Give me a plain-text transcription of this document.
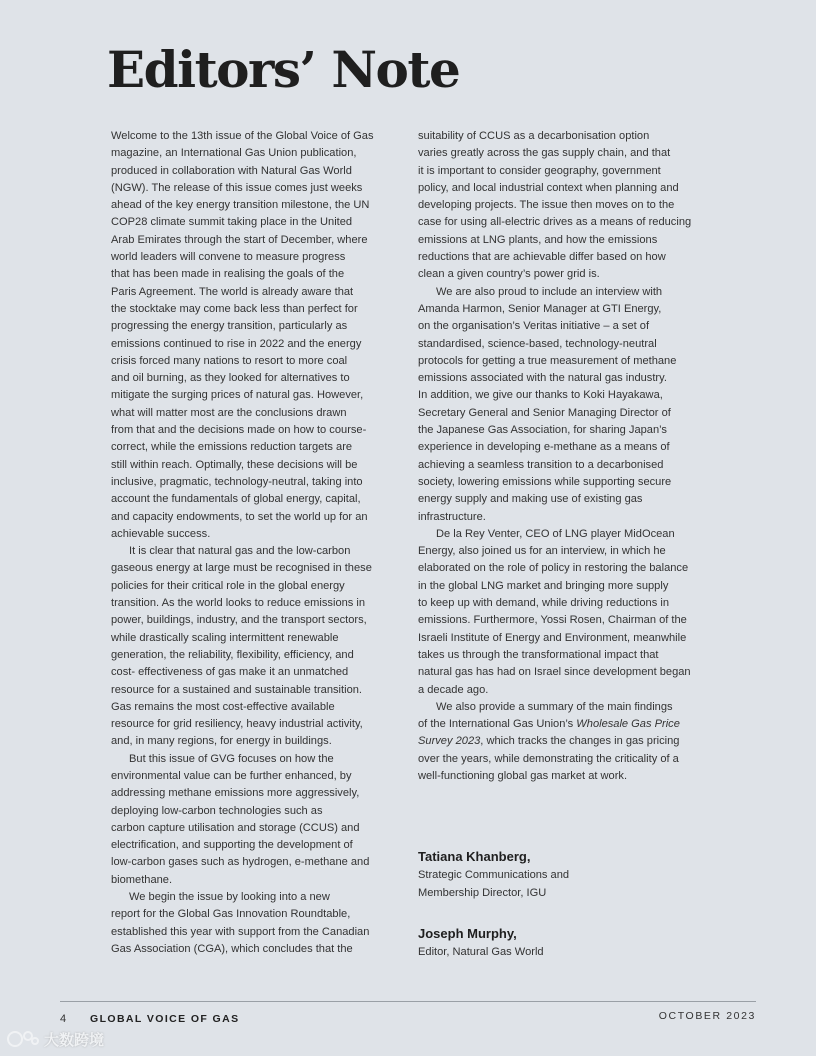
Editors’ Note
Welcome to the 13th issue of the Global Voice of Gas
magazine, an International Gas Union publication,
produced in collaboration with Natural Gas World
(NGW). The release of this issue comes just weeks
ahead of the key energy transition milestone, the UN
COP28 climate summit taking place in the United
Arab Emirates through the start of December, where
world leaders will convene to measure progress
that has been made in realising the goals of the
Paris Agreement. The world is already aware that
the stocktake may come back less than perfect for
progressing the energy transition, particularly as
emissions continued to rise in 2022 and the energy
crisis forced many nations to resort to more coal
and oil burning, as they looked for alternatives to
mitigate the surging prices of natural gas. However,
what will matter most are the conclusions drawn
from that and the decisions made on how to course-
correct, while the emissions reduction targets are
still within reach. Optimally, these decisions will be
inclusive, pragmatic, technology-neutral, taking into
account the fundamentals of global energy, capital,
and capacity endowments, to set the world up for an
achievable success.
It is clear that natural gas and the low-carbon
gaseous energy at large must be recognised in these
policies for their critical role in the global energy
transition. As the world looks to reduce emissions in
power, buildings, industry, and the transport sectors,
while drastically scaling intermittent renewable
generation, the reliability, flexibility, efficiency, and
cost- effectiveness of gas make it an unmatched
resource for a sustained and sustainable transition.
Gas remains the most cost-effective available
resource for grid resiliency, heavy industrial activity,
and, in many regions, for energy in buildings.
But this issue of GVG focuses on how the
environmental value can be further enhanced, by
addressing methane emissions more aggressively,
deploying low-carbon technologies such as
carbon capture utilisation and storage (CCUS) and
electrification, and supporting the development of
low-carbon gases such as hydrogen, e-methane and
biomethane.
We begin the issue by looking into a new
report for the Global Gas Innovation Roundtable,
established this year with support from the Canadian
Gas Association (CGA), which concludes that the
suitability of CCUS as a decarbonisation option
varies greatly across the gas supply chain, and that
it is important to consider geography, government
policy, and local industrial context when planning and
developing projects. The issue then moves on to the
case for using all-electric drives as a means of reducing
emissions at LNG plants, and how the emissions
reductions that are achievable differ based on how
clean a given country’s power grid is.
We are also proud to include an interview with
Amanda Harmon, Senior Manager at GTI Energy,
on the organisation’s Veritas initiative – a set of
standardised, science-based, technology-neutral
protocols for getting a true measurement of methane
emissions associated with the natural gas industry.
In addition, we give our thanks to Koki Hayakawa,
Secretary General and Senior Managing Director of
the Japanese Gas Association, for sharing Japan’s
experience in developing e-methane as a means of
achieving a seamless transition to a decarbonised
society, lowering emissions while supporting secure
energy supply and making use of existing gas
infrastructure.
De la Rey Venter, CEO of LNG player MidOcean
Energy, also joined us for an interview, in which he
elaborated on the role of policy in restoring the balance
in the global LNG market and bringing more supply
to keep up with demand, while driving reductions in
emissions. Furthermore, Yossi Rosen, Chairman of the
Israeli Institute of Energy and Environment, meanwhile
takes us through the transformational impact that
natural gas has had on Israel since development began
a decade ago.
We also provide a summary of the main findings
of the International Gas Union’s Wholesale Gas Price
Survey 2023, which tracks the changes in gas pricing
over the years, while demonstrating the criticality of a
well-functioning global gas market at work.
Tatiana Khanberg,
Strategic Communications and
Membership Director, IGU
Joseph Murphy,
Editor, Natural Gas World
4 GLOBAL VOICE OF GAS	OCTOBER 2023
大数跨境
